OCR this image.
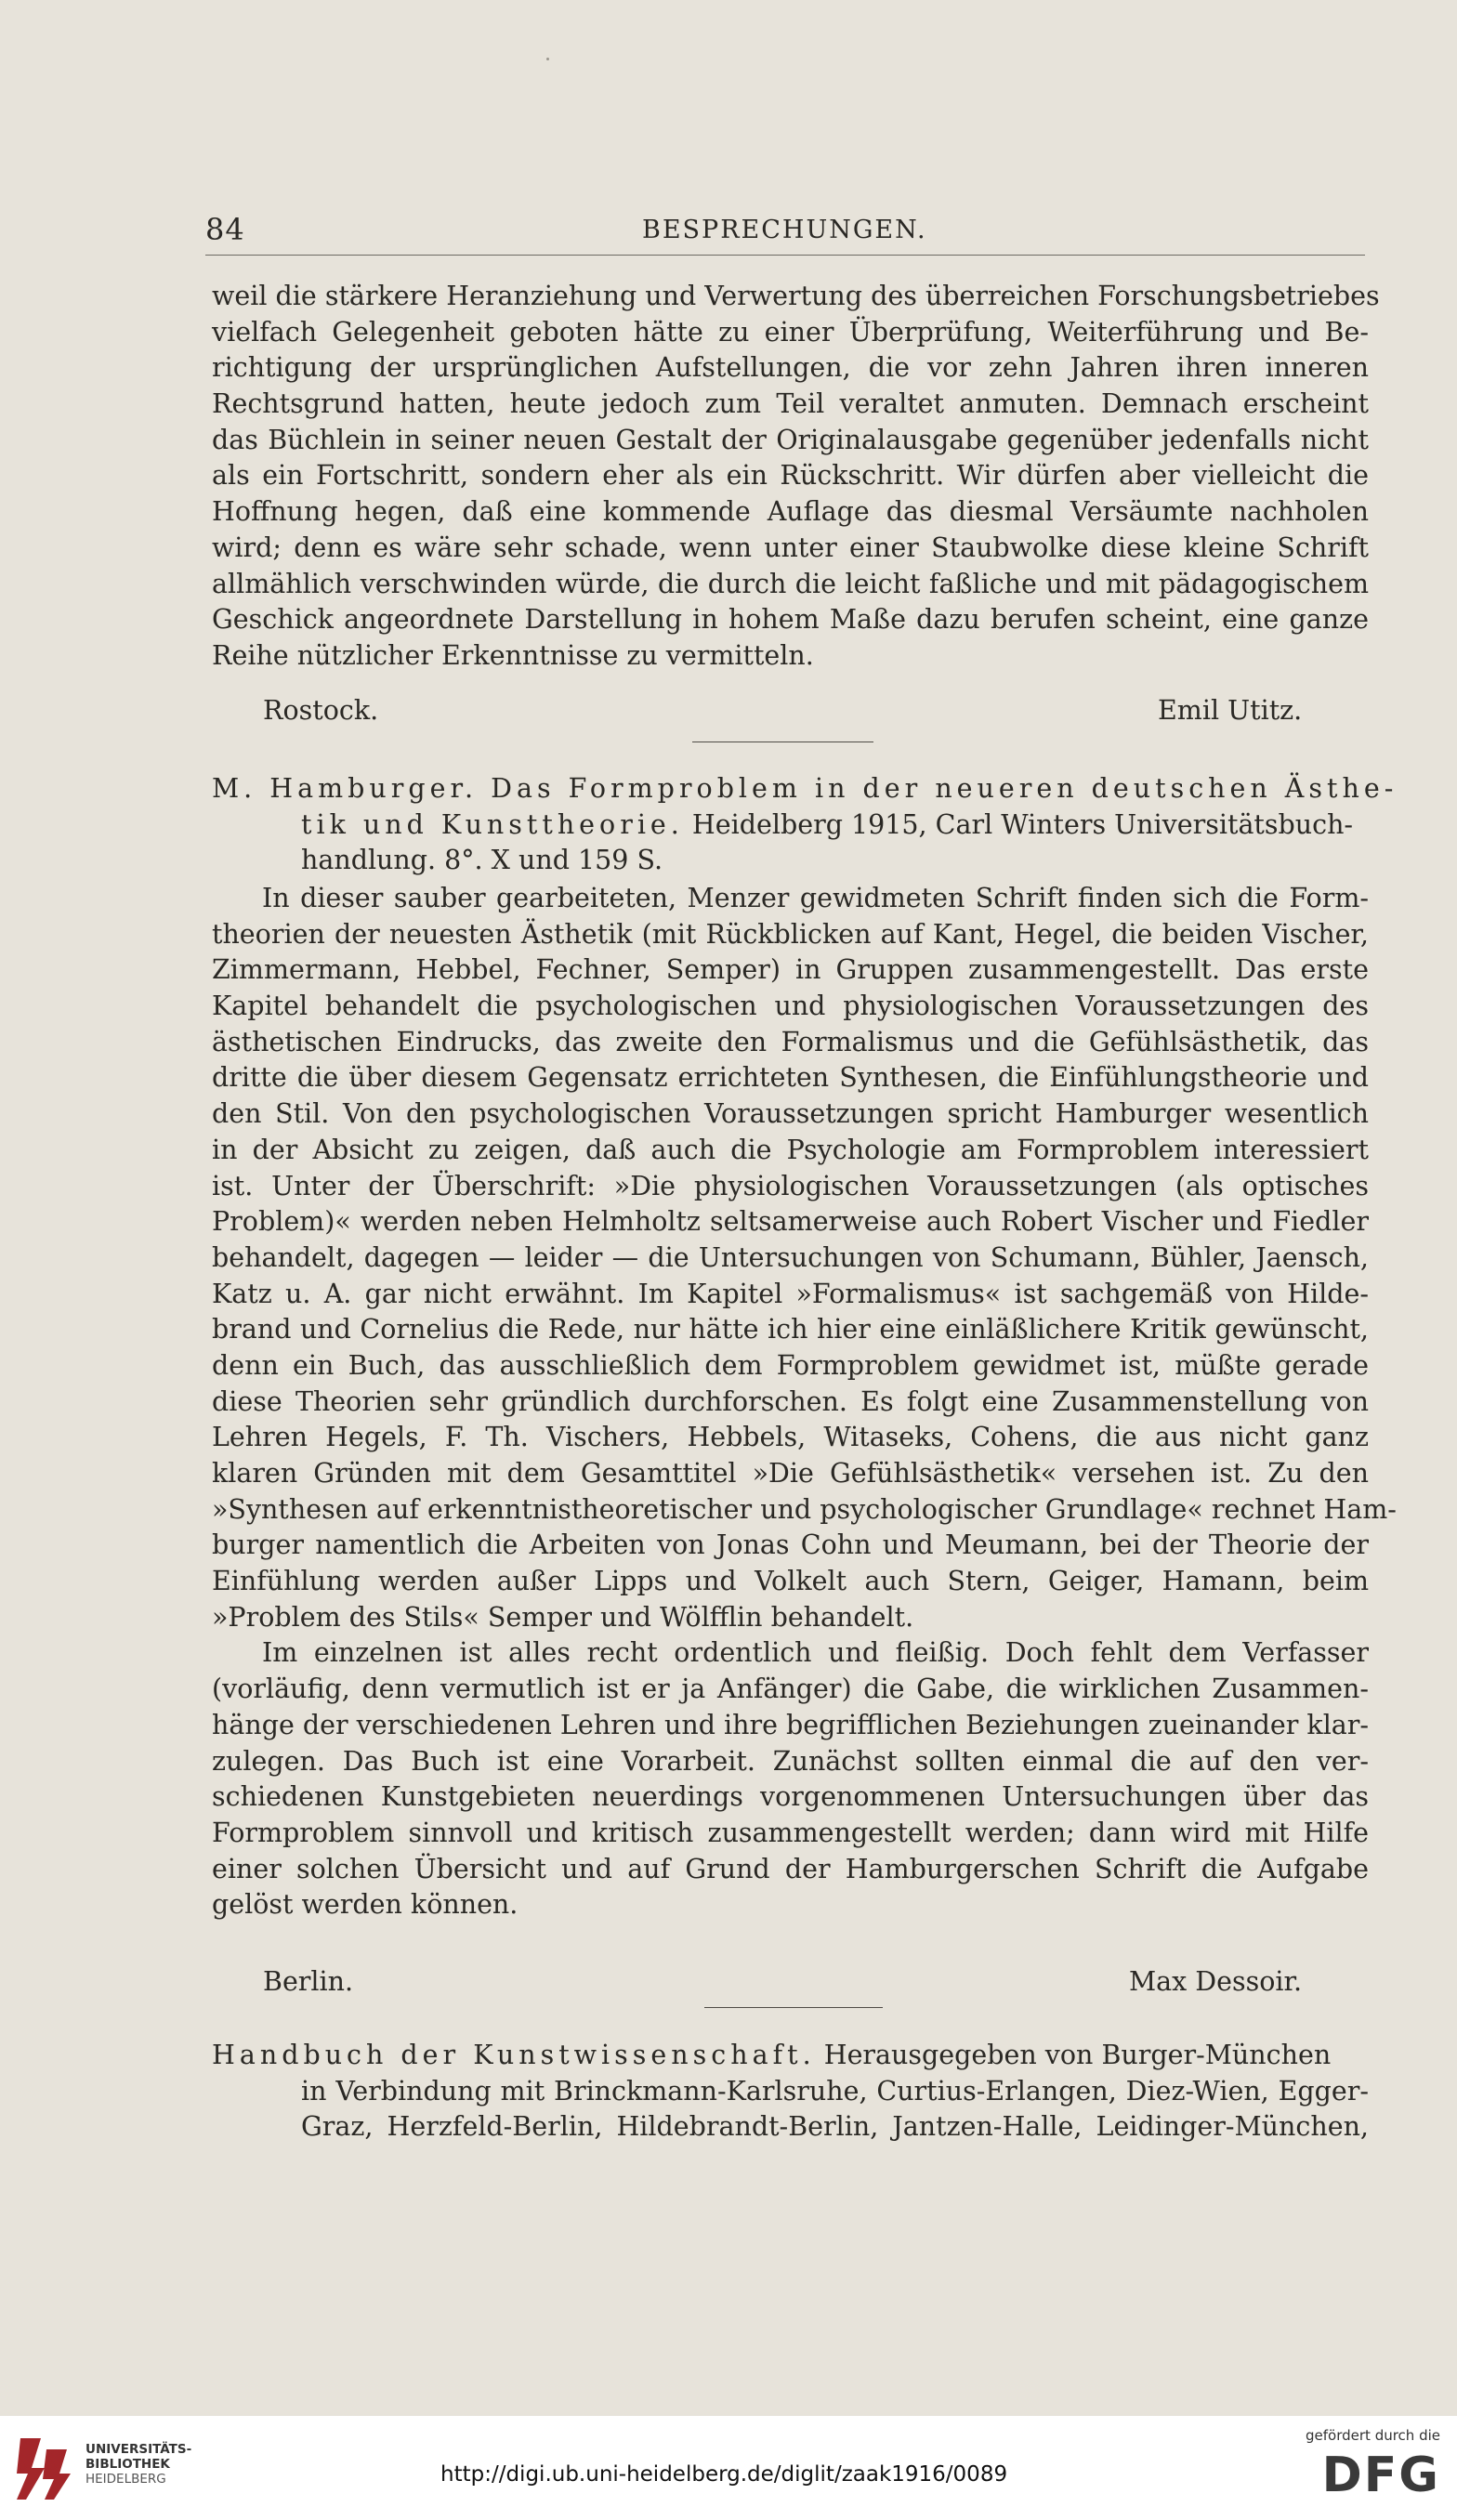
84	BESPRECHUNGEN.
weil die stärkere Heranziehung und Verwertung des überreichen Forschungsbetriebes
vielfach Gelegenheit geboten hätte zu einer Überprüfung, Weiterführung und Be-
richtigung der ursprünglichen Aufstellungen, die vor zehn Jahren ihren inneren
Rechtsgrund hatten, heute jedoch zum Teil veraltet anmuten. Demnach erscheint
das Büchlein in seiner neuen Gestalt der Originalausgabe gegenüber jedenfalls nicht
als ein Fortschritt, sondern eher als ein Rückschritt. Wir dürfen aber vielleicht die
Hoffnung hegen, daß eine kommende Auflage das diesmal Versäumte nachholen
wird; denn es wäre sehr schade, wenn unter einer Staubwolke diese kleine Schrift
allmählich verschwinden würde, die durch die leicht faßliche und mit pädagogischem
Geschick angeordnete Darstellung in hohem Maße dazu berufen scheint, eine ganze
Reihe nützlicher Erkenntnisse zu vermitteln.
Rostock.	Emil Utitz.
M. Hamburger. Das Formproblem in der neueren deutschen Ästhe-
tik und Kunsttheorie. Heidelberg 1915, Carl Winters Universitätsbuch-
handlung. 8°. X und 159 S.
In dieser sauber gearbeiteten, Menzer gewidmeten Schrift finden sich die Form-
theorien der neuesten Ästhetik (mit Rückblicken auf Kant, Hegel, die beiden Vischer,
Zimmermann, Hebbel, Fechner, Semper) in Gruppen zusammengestellt. Das erste
Kapitel behandelt die psychologischen und physiologischen Voraussetzungen des
ästhetischen Eindrucks, das zweite den Formalismus und die Gefühlsästhetik, das
dritte die über diesem Gegensatz errichteten Synthesen, die Einfühlungstheorie und
den Stil. Von den psychologischen Voraussetzungen spricht Hamburger wesentlich
in der Absicht zu zeigen, daß auch die Psychologie am Formproblem interessiert
ist. Unter der Überschrift: »Die physiologischen Voraussetzungen (als optisches
Problem)« werden neben Helmholtz seltsamerweise auch Robert Vischer und Fiedler
behandelt, dagegen — leider — die Untersuchungen von Schumann, Bühler, Jaensch,
Katz u. A. gar nicht erwähnt. Im Kapitel »Formalismus« ist sachgemäß von Hilde-
brand und Cornelius die Rede, nur hätte ich hier eine einläßlichere Kritik gewünscht,
denn ein Buch, das ausschließlich dem Formproblem gewidmet ist, müßte gerade
diese Theorien sehr gründlich durchforschen. Es folgt eine Zusammenstellung von
Lehren Hegels, F. Th. Vischers, Hebbels, Witaseks, Cohens, die aus nicht ganz
klaren Gründen mit dem Gesamttitel »Die Gefühlsästhetik« versehen ist. Zu den
»Synthesen auf erkenntnistheoretischer und psychologischer Grundlage« rechnet Ham-
burger namentlich die Arbeiten von Jonas Cohn und Meumann, bei der Theorie der
Einfühlung werden außer Lipps und Volkelt auch Stern, Geiger, Hamann, beim
»Problem des Stils« Semper und Wölfflin behandelt.
Im einzelnen ist alles recht ordentlich und fleißig. Doch fehlt dem Verfasser
(vorläufig, denn vermutlich ist er ja Anfänger) die Gabe, die wirklichen Zusammen-
hänge der verschiedenen Lehren und ihre begrifflichen Beziehungen zueinander klar-
zulegen. Das Buch ist eine Vorarbeit. Zunächst sollten einmal die auf den ver-
schiedenen Kunstgebieten neuerdings vorgenommenen Untersuchungen über das
Formproblem sinnvoll und kritisch zusammengestellt werden; dann wird mit Hilfe
einer solchen Übersicht und auf Grund der Hamburgerschen Schrift die Aufgabe
gelöst werden können.
Berlin.	Max Dessoir.
Handbuch der Kunstwissenschaft. Herausgegeben von Burger-München
in Verbindung mit Brinckmann-Karlsruhe, Curtius-Erlangen, Diez-Wien, Egger-
Graz, Herzfeld-Berlin, Hildebrandt-Berlin, Jantzen-Halle, Leidinger-München,
UNIVERSITÄTS-
BIBLIOTHEK
HEIDELBERG	http://digi.ub.uni-heidelberg.de/diglit/zaak1916/0089
gefördert durch die
DFG
